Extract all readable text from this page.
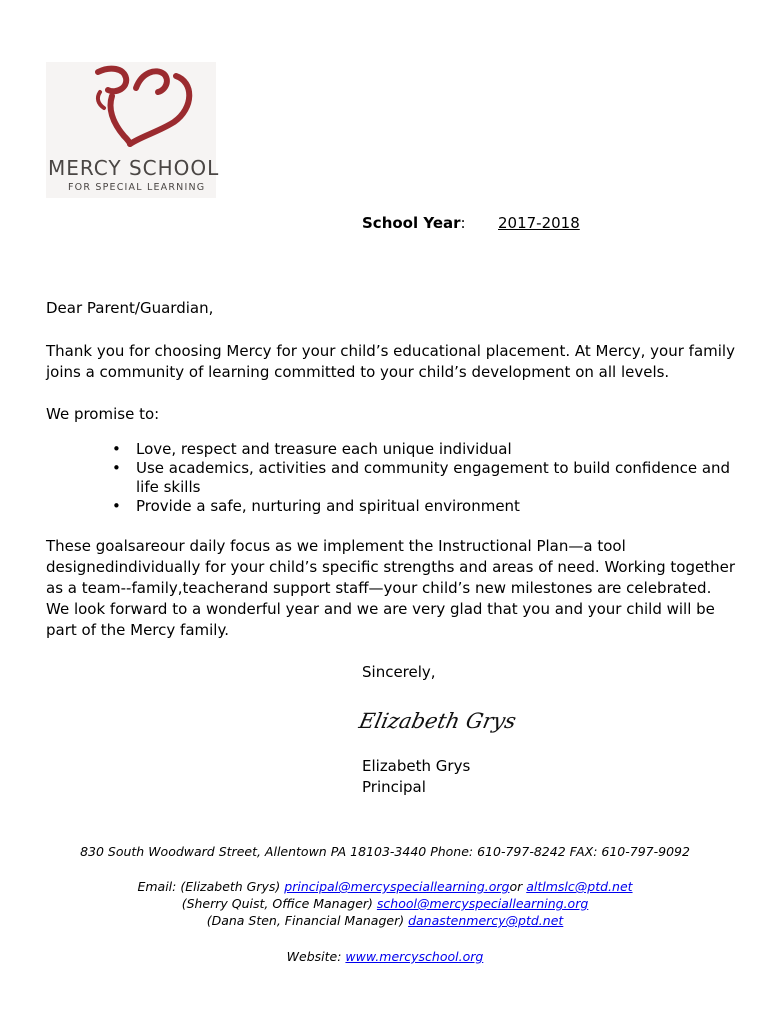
MERCY SCHOOL
FOR SPECIAL LEARNING
School Year: 2017-2018
Dear Parent/Guardian,
Thank you for choosing Mercy for your child’s educational placement. At Mercy, your family joins a community of learning committed to your child’s development on all levels.
We promise to:
• Love, respect and treasure each unique individual
• Use academics, activities and community engagement to build confidence and life skills
• Provide a safe, nurturing and spiritual environment
These goalsareour daily focus as we implement the Instructional Plan—a tool designedindividually for your child’s specific strengths and areas of need. Working together as a team--family,teacherand support staff—your child’s new milestones are celebrated. We look forward to a wonderful year and we are very glad that you and your child will be part of the Mercy family.
Sincerely,
Elizabeth Grys
Elizabeth Grys
Principal
830 South Woodward Street, Allentown PA 18103-3440 Phone: 610-797-8242 FAX: 610-797-9092
Email: (Elizabeth Grys) principal@mercyspeciallearning.orgor altlmslc@ptd.net
(Sherry Quist, Office Manager) school@mercyspeciallearning.org
(Dana Sten, Financial Manager) danastenmercy@ptd.net
Website: www.mercyschool.org
